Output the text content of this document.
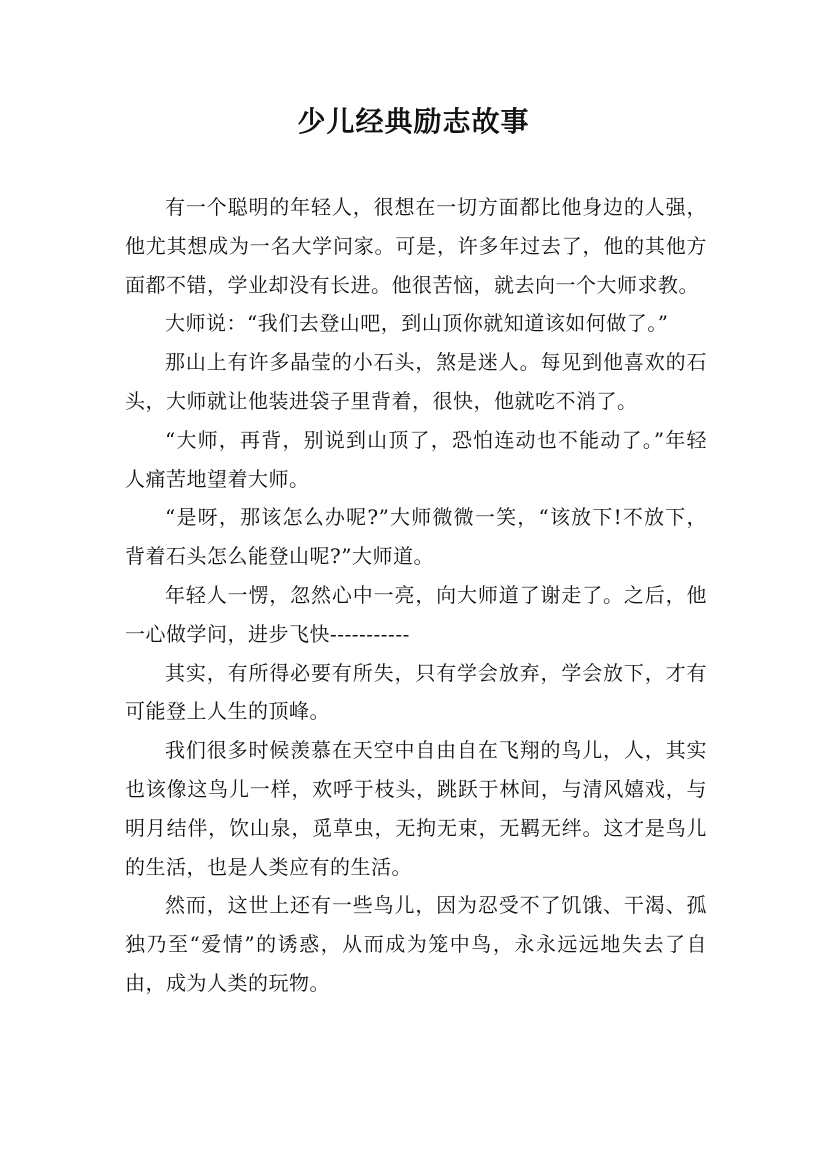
少儿经典励志故事

有一个聪明的年轻人，很想在一切方面都比他身边的人强，他尤其想成为一名大学问家。可是，许多年过去了，他的其他方面都不错，学业却没有长进。他很苦恼，就去向一个大师求教。

大师说：“我们去登山吧，到山顶你就知道该如何做了。”

那山上有许多晶莹的小石头，煞是迷人。每见到他喜欢的石头，大师就让他装进袋子里背着，很快，他就吃不消了。

“大师，再背，别说到山顶了，恐怕连动也不能动了。”年轻人痛苦地望着大师。

“是呀，那该怎么办呢?”大师微微一笑，“该放下!不放下，背着石头怎么能登山呢?”大师道。

年轻人一愣，忽然心中一亮，向大师道了谢走了。之后，他一心做学问，进步飞快-----------

其实，有所得必要有所失，只有学会放弃，学会放下，才有可能登上人生的顶峰。

我们很多时候羡慕在天空中自由自在飞翔的鸟儿，人，其实也该像这鸟儿一样，欢呼于枝头，跳跃于林间，与清风嬉戏，与明月结伴，饮山泉，觅草虫，无拘无束，无羁无绊。这才是鸟儿的生活，也是人类应有的生活。

然而，这世上还有一些鸟儿，因为忍受不了饥饿、干渴、孤独乃至“爱情”的诱惑，从而成为笼中鸟，永永远远地失去了自由，成为人类的玩物。
